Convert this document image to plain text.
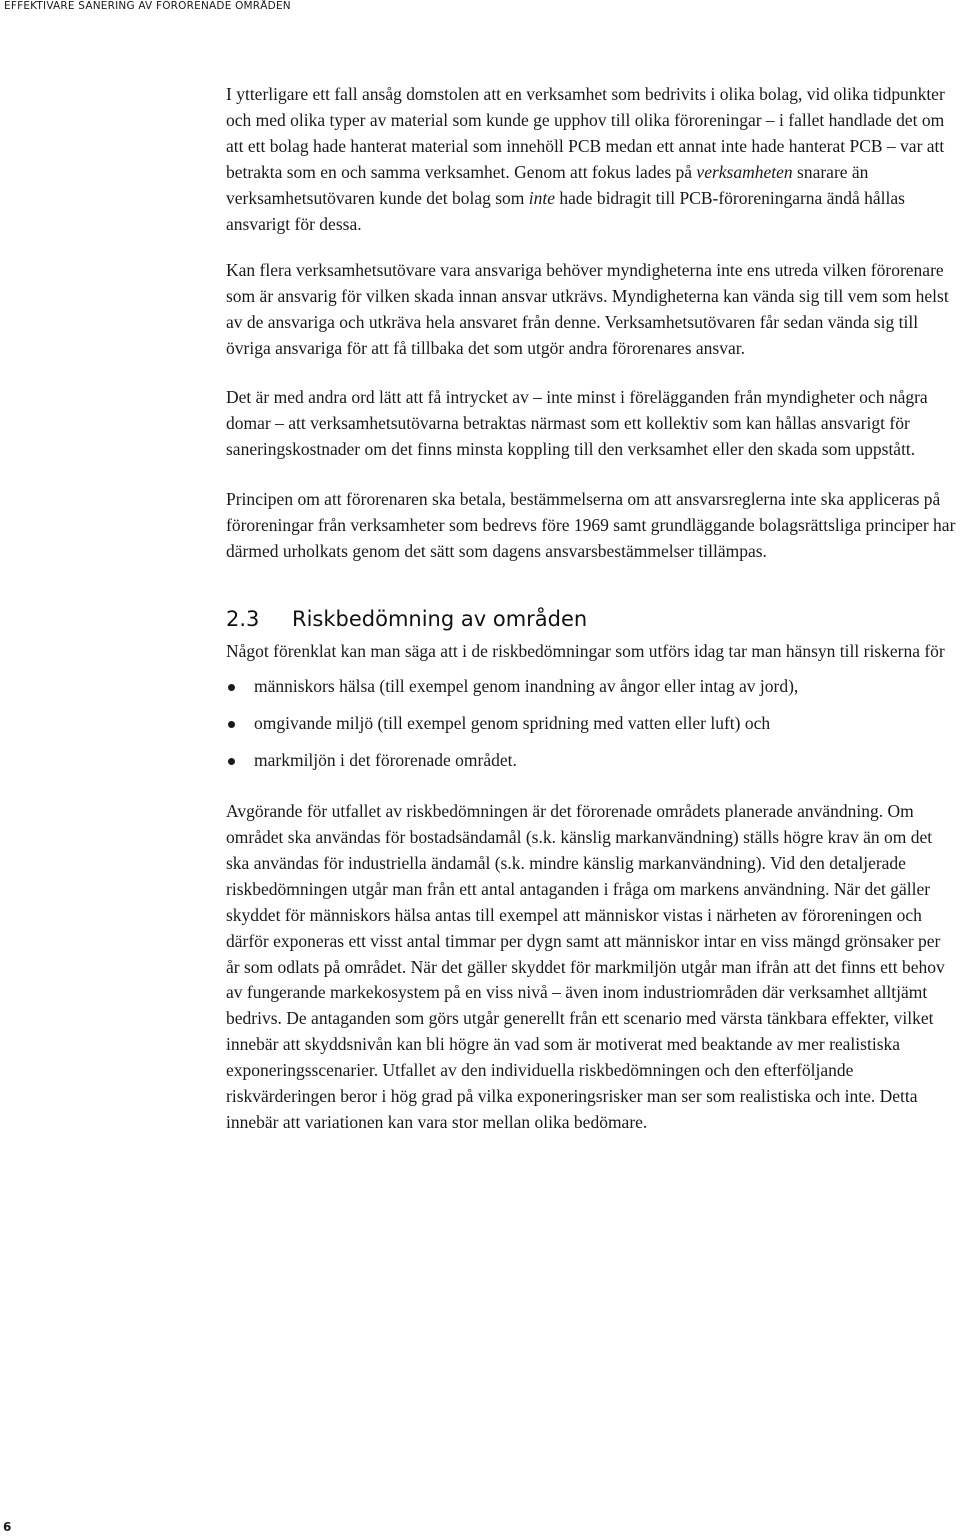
EFFEKTIVARE SANERING AV FÖRORENADE OMRÅDEN

I ytterligare ett fall ansåg domstolen att en verksamhet som bedrivits i olika bolag, vid olika tidpunkter och med olika typer av material som kunde ge upphov till olika föroreningar – i fallet handlade det om att ett bolag hade hanterat material som innehöll PCB medan ett annat inte hade hanterat PCB – var att betrakta som en och samma verksamhet. Genom att fokus lades på verksamheten snarare än verksamhetsutövaren kunde det bolag som inte hade bidragit till PCB-föroreningarna ändå hållas ansvarigt för dessa.

Kan flera verksamhetsutövare vara ansvariga behöver myndigheterna inte ens utreda vilken förorenare som är ansvarig för vilken skada innan ansvar utkrävs. Myndigheterna kan vända sig till vem som helst av de ansvariga och utkräva hela ansvaret från denne. Verksamhetsutövaren får sedan vända sig till övriga ansvariga för att få tillbaka det som utgör andra förorenares ansvar.

Det är med andra ord lätt att få intrycket av – inte minst i förelägganden från myndigheter och några domar – att verksamhetsutövarna betraktas närmast som ett kollektiv som kan hållas ansvarigt för saneringskostnader om det finns minsta koppling till den verksamhet eller den skada som uppstått.

Principen om att förorenaren ska betala, bestämmelserna om att ansvarsreglerna inte ska appliceras på föroreningar från verksamheter som bedrevs före 1969 samt grundläggande bolagsrättsliga principer har därmed urholkats genom det sätt som dagens ansvarsbestämmelser tillämpas.

2.3	Riskbedömning av områden

Något förenklat kan man säga att i de riskbedömningar som utförs idag tar man hänsyn till riskerna för

människors hälsa (till exempel genom inandning av ångor eller intag av jord),
omgivande miljö (till exempel genom spridning med vatten eller luft) och
markmiljön i det förorenade området.

Avgörande för utfallet av riskbedömningen är det förorenade områdets planerade användning. Om området ska användas för bostadsändamål (s.k. känslig markanvändning) ställs högre krav än om det ska användas för industriella ändamål (s.k. mindre känslig markanvändning). Vid den detaljerade riskbedömningen utgår man från ett antal antaganden i fråga om markens användning. När det gäller skyddet för människors hälsa antas till exempel att människor vistas i närheten av föroreningen och därför exponeras ett visst antal timmar per dygn samt att människor intar en viss mängd grönsaker per år som odlats på området. När det gäller skyddet för markmiljön utgår man ifrån att det finns ett behov av fungerande markekosystem på en viss nivå – även inom industriområden där verksamhet alltjämt bedrivs. De antaganden som görs utgår generellt från ett scenario med värsta tänkbara effekter, vilket innebär att skyddsnivån kan bli högre än vad som är motiverat med beaktande av mer realistiska exponeringsscenarier. Utfallet av den individuella riskbedömningen och den efterföljande riskvärderingen beror i hög grad på vilka exponeringsrisker man ser som realistiska och inte. Detta innebär att variationen kan vara stor mellan olika bedömare.

6
